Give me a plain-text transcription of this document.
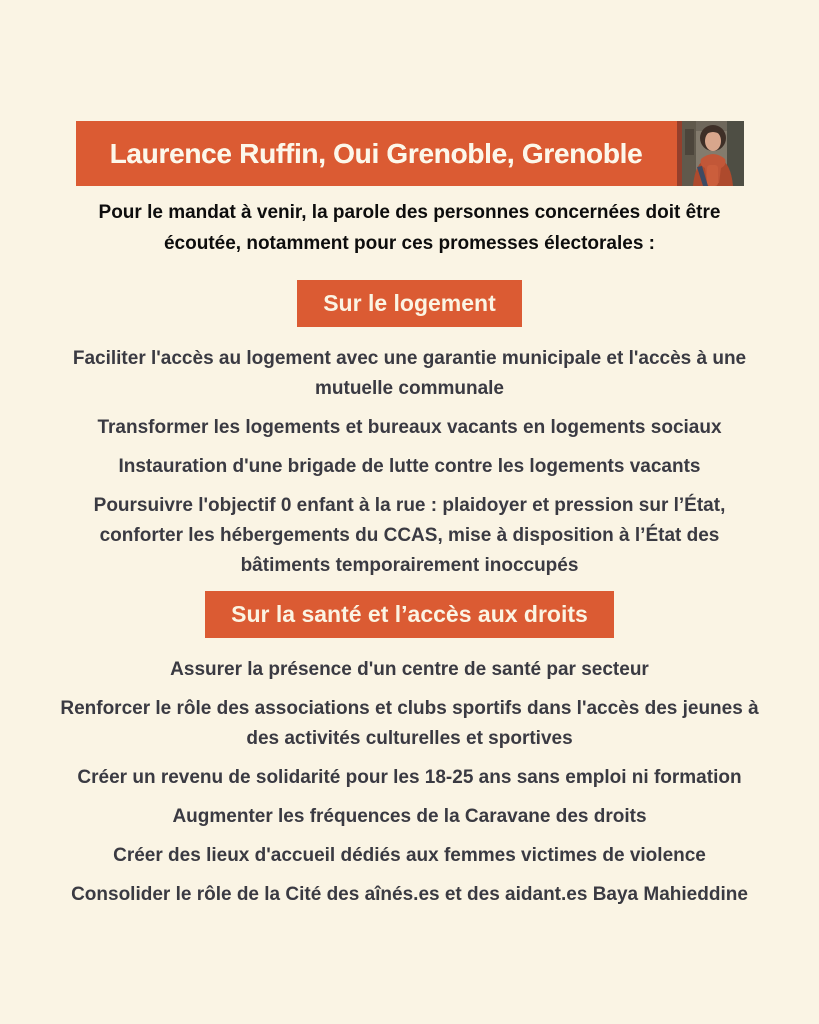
Laurence Ruffin, Oui Grenoble, Grenoble

Pour le mandat à venir, la parole des personnes concernées doit être écoutée, notamment pour ces promesses électorales :

Sur le logement

Faciliter l'accès au logement avec une garantie municipale et l'accès à une mutuelle communale

Transformer les logements et bureaux vacants en logements sociaux

Instauration d'une brigade de lutte contre les logements vacants

Poursuivre l'objectif 0 enfant à la rue : plaidoyer et pression sur l’État, conforter les hébergements du CCAS, mise à disposition à l’État des bâtiments temporairement inoccupés

Sur la santé et l’accès aux droits

Assurer la présence d'un centre de santé par secteur

Renforcer le rôle des associations et clubs sportifs dans l'accès des jeunes à des activités culturelles et sportives

Créer un revenu de solidarité pour les 18-25 ans sans emploi ni formation

Augmenter les fréquences de la Caravane des droits

Créer des lieux d'accueil dédiés aux femmes victimes de violence

Consolider le rôle de la Cité des aînés.es et des aidant.es Baya Mahieddine
